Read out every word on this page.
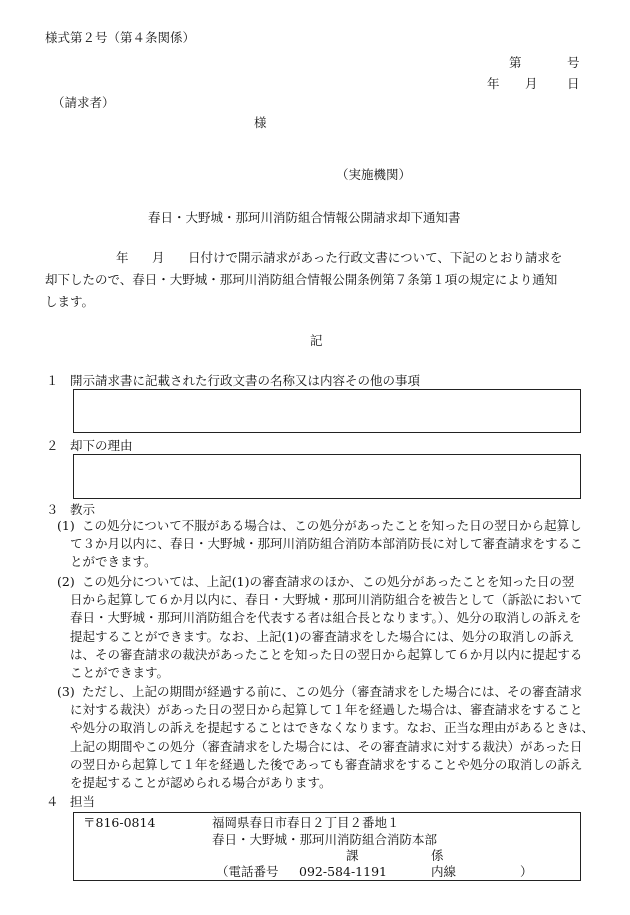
様式第２号（第４条関係）
第	号
年 月 日
（請求者）
様
（実施機関）
春日・大野城・那珂川消防組合情報公開請求却下通知書
年 月 日付けで開示請求があった行政文書について、下記のとおり請求を
却下したので、春日・大野城・那珂川消防組合情報公開条例第７条第１項の規定により通知
します。
記
１ 開示請求書に記載された行政文書の名称又は内容その他の事項
２ 却下の理由
３ 教示
(1) この処分について不服がある場合は、この処分があったことを知った日の翌日から起算し
て３か月以内に、春日・大野城・那珂川消防組合消防本部消防長に対して審査請求をするこ
とができます。
(2) この処分については、上記(1)の審査請求のほか、この処分があったことを知った日の翌
日から起算して６か月以内に、春日・大野城・那珂川消防組合を被告として（訴訟において
春日・大野城・那珂川消防組合を代表する者は組合長となります。）、処分の取消しの訴えを
提起することができます。なお、上記(1)の審査請求をした場合には、処分の取消しの訴え
は、その審査請求の裁決があったことを知った日の翌日から起算して６か月以内に提起する
ことができます。
(3) ただし、上記の期間が経過する前に、この処分（審査請求をした場合には、その審査請求
に対する裁決）があった日の翌日から起算して１年を経過した場合は、審査請求をすること
や処分の取消しの訴えを提起することはできなくなります。なお、正当な理由があるときは、
上記の期間やこの処分（審査請求をした場合には、その審査請求に対する裁決）があった日
の翌日から起算して１年を経過した後であっても審査請求をすることや処分の取消しの訴え
を提起することが認められる場合があります。
４ 担当
〒816-0814	福岡県春日市春日２丁目２番地１
春日・大野城・那珂川消防組合消防本部
課	係
（電話番号 092-584-1191	内線	）
